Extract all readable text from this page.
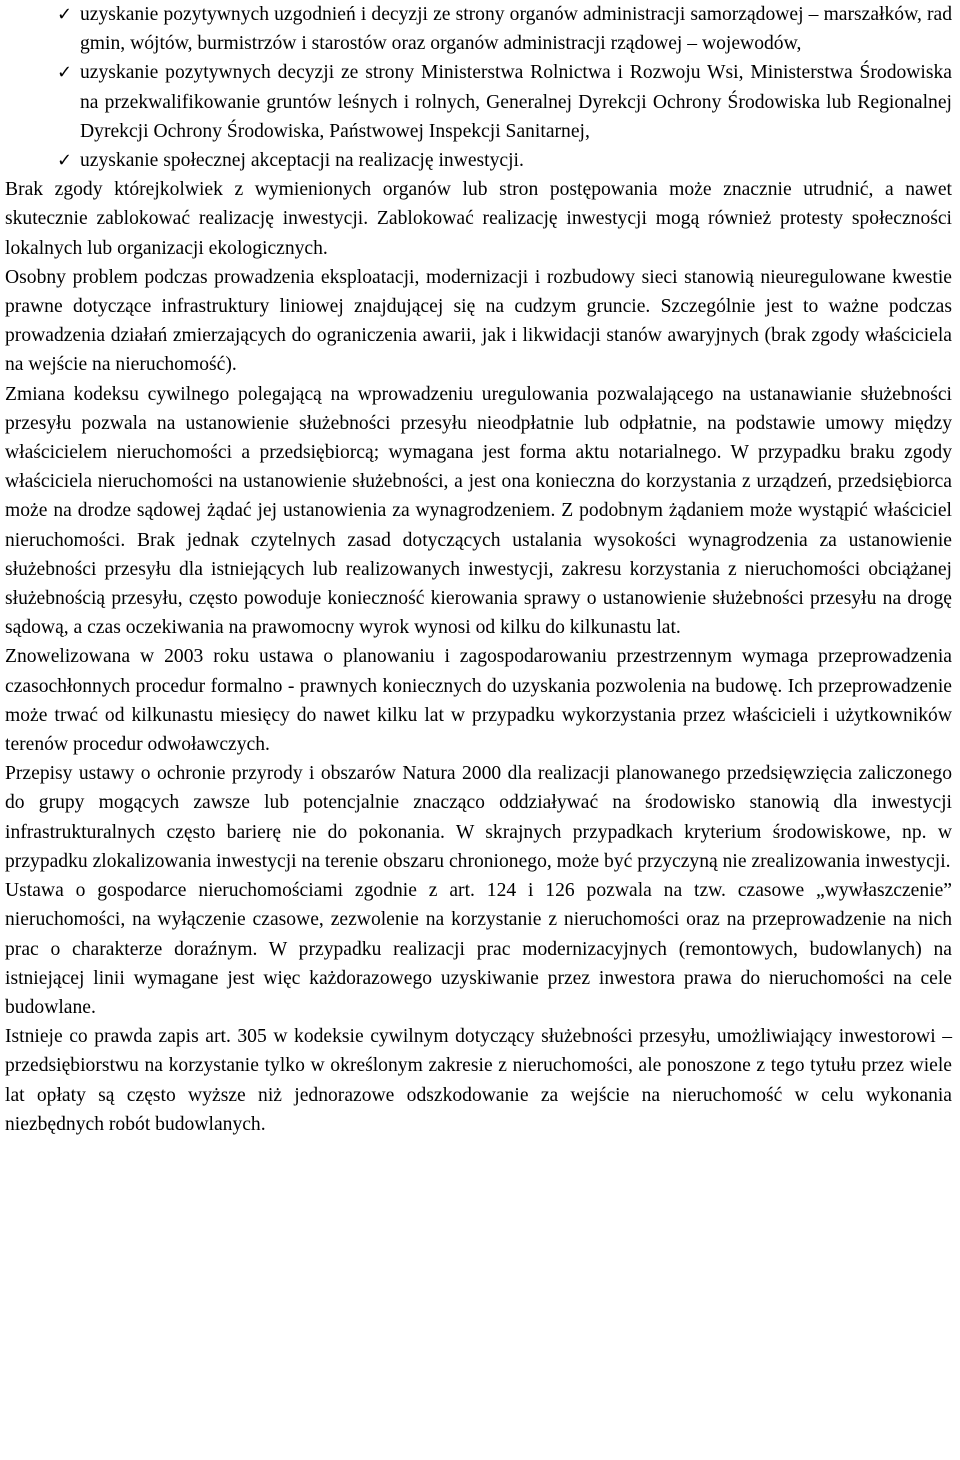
✓ uzyskanie pozytywnych uzgodnień i decyzji ze strony organów administracji samorządowej – marszałków, rad gmin, wójtów, burmistrzów i starostów oraz organów administracji rządowej – wojewodów,
✓ uzyskanie pozytywnych decyzji ze strony Ministerstwa Rolnictwa i Rozwoju Wsi, Ministerstwa Środowiska na przekwalifikowanie gruntów leśnych i rolnych, Generalnej Dyrekcji Ochrony Środowiska lub Regionalnej Dyrekcji Ochrony Środowiska, Państwowej Inspekcji Sanitarnej,
✓ uzyskanie społecznej akceptacji na realizację inwestycji.

Brak zgody którejkolwiek z wymienionych organów lub stron postępowania może znacznie utrudnić, a nawet skutecznie zablokować realizację inwestycji. Zablokować realizację inwestycji mogą również protesty społeczności lokalnych lub organizacji ekologicznych.

Osobny problem podczas prowadzenia eksploatacji, modernizacji i rozbudowy sieci stanowią nieuregulowane kwestie prawne dotyczące infrastruktury liniowej znajdującej się na cudzym gruncie. Szczególnie jest to ważne podczas prowadzenia działań zmierzających do ograniczenia awarii, jak i likwidacji stanów awaryjnych (brak zgody właściciela na wejście na nieruchomość).

Zmiana kodeksu cywilnego polegającą na wprowadzeniu uregulowania pozwalającego na ustanawianie służebności przesyłu pozwala na ustanowienie służebności przesyłu nieodpłatnie lub odpłatnie, na podstawie umowy między właścicielem nieruchomości a przedsiębiorcą; wymagana jest forma aktu notarialnego. W przypadku braku zgody właściciela nieruchomości na ustanowienie służebności, a jest ona konieczna do korzystania z urządzeń, przedsiębiorca może na drodze sądowej żądać jej ustanowienia za wynagrodzeniem. Z podobnym żądaniem może wystąpić właściciel nieruchomości. Brak jednak czytelnych zasad dotyczących ustalania wysokości wynagrodzenia za ustanowienie służebności przesyłu dla istniejących lub realizowanych inwestycji, zakresu korzystania z nieruchomości obciążanej służebnością przesyłu, często powoduje konieczność kierowania sprawy o ustanowienie służebności przesyłu na drogę sądową, a czas oczekiwania na prawomocny wyrok wynosi od kilku do kilkunastu lat.

Znowelizowana w 2003 roku ustawa o planowaniu i zagospodarowaniu przestrzennym wymaga przeprowadzenia czasochłonnych procedur formalno - prawnych koniecznych do uzyskania pozwolenia na budowę. Ich przeprowadzenie może trwać od kilkunastu miesięcy do nawet kilku lat w przypadku wykorzystania przez właścicieli i użytkowników terenów procedur odwoławczych.

Przepisy ustawy o ochronie przyrody i obszarów Natura 2000 dla realizacji planowanego przedsięwzięcia zaliczonego do grupy mogących zawsze lub potencjalnie znacząco oddziaływać na środowisko stanowią dla inwestycji infrastrukturalnych często barierę nie do pokonania. W skrajnych przypadkach kryterium środowiskowe, np. w przypadku zlokalizowania inwestycji na terenie obszaru chronionego, może być przyczyną nie zrealizowania inwestycji.

Ustawa o gospodarce nieruchomościami zgodnie z art. 124 i 126 pozwala na tzw. czasowe „wywłaszczenie” nieruchomości, na wyłączenie czasowe, zezwolenie na korzystanie z nieruchomości oraz na przeprowadzenie na nich prac o charakterze doraźnym. W przypadku realizacji prac modernizacyjnych (remontowych, budowlanych) na istniejącej linii wymagane jest więc każdorazowego uzyskiwanie przez inwestora prawa do nieruchomości na cele budowlane.

Istnieje co prawda zapis art. 305 w kodeksie cywilnym dotyczący służebności przesyłu, umożliwiający inwestorowi – przedsiębiorstwu na korzystanie tylko w określonym zakresie z nieruchomości, ale ponoszone z tego tytułu przez wiele lat opłaty są często wyższe niż jednorazowe odszkodowanie za wejście na nieruchomość w celu wykonania niezbędnych robót budowlanych.
